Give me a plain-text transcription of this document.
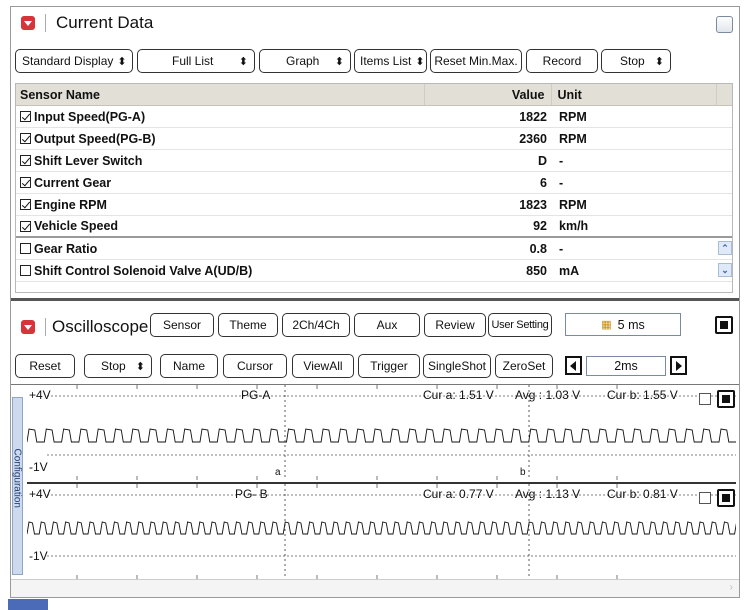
Current Data
Standard Display ⬍	Full List ⬍	Graph ⬍ Items List ⬍ Reset Min.Max.	Record	Stop ⬍
Sensor Name	Value	Unit
Input Speed(PG-A)	1822 RPM
Output Speed(PG-B)	2360 RPM
Shift Lever Switch	D -
Current Gear	6 -
Engine RPM	1823 RPM
Vehicle Speed	92 km/h
Gear Ratio	0.8 -	⌃
Shift Control Solenoid Valve A(UD/B)	850 mA	⌄
Oscilloscope	Sensor	Theme	2Ch/4Ch	Aux	Review	User Setting	▦ 5 ms
Reset	Stop ⬍	Name	Cursor	ViewAll	Trigger	SingleShot	ZeroSet	2ms
Configuration
+4V
-1V
PG-A	Cur a: 1.51 V Avg : 1.03 V Cur b: 1.55 V
a	b
+4V
-1V
PG- B	Cur a: 0.77 V Avg : 1.13 V Cur b: 0.81 V
›
